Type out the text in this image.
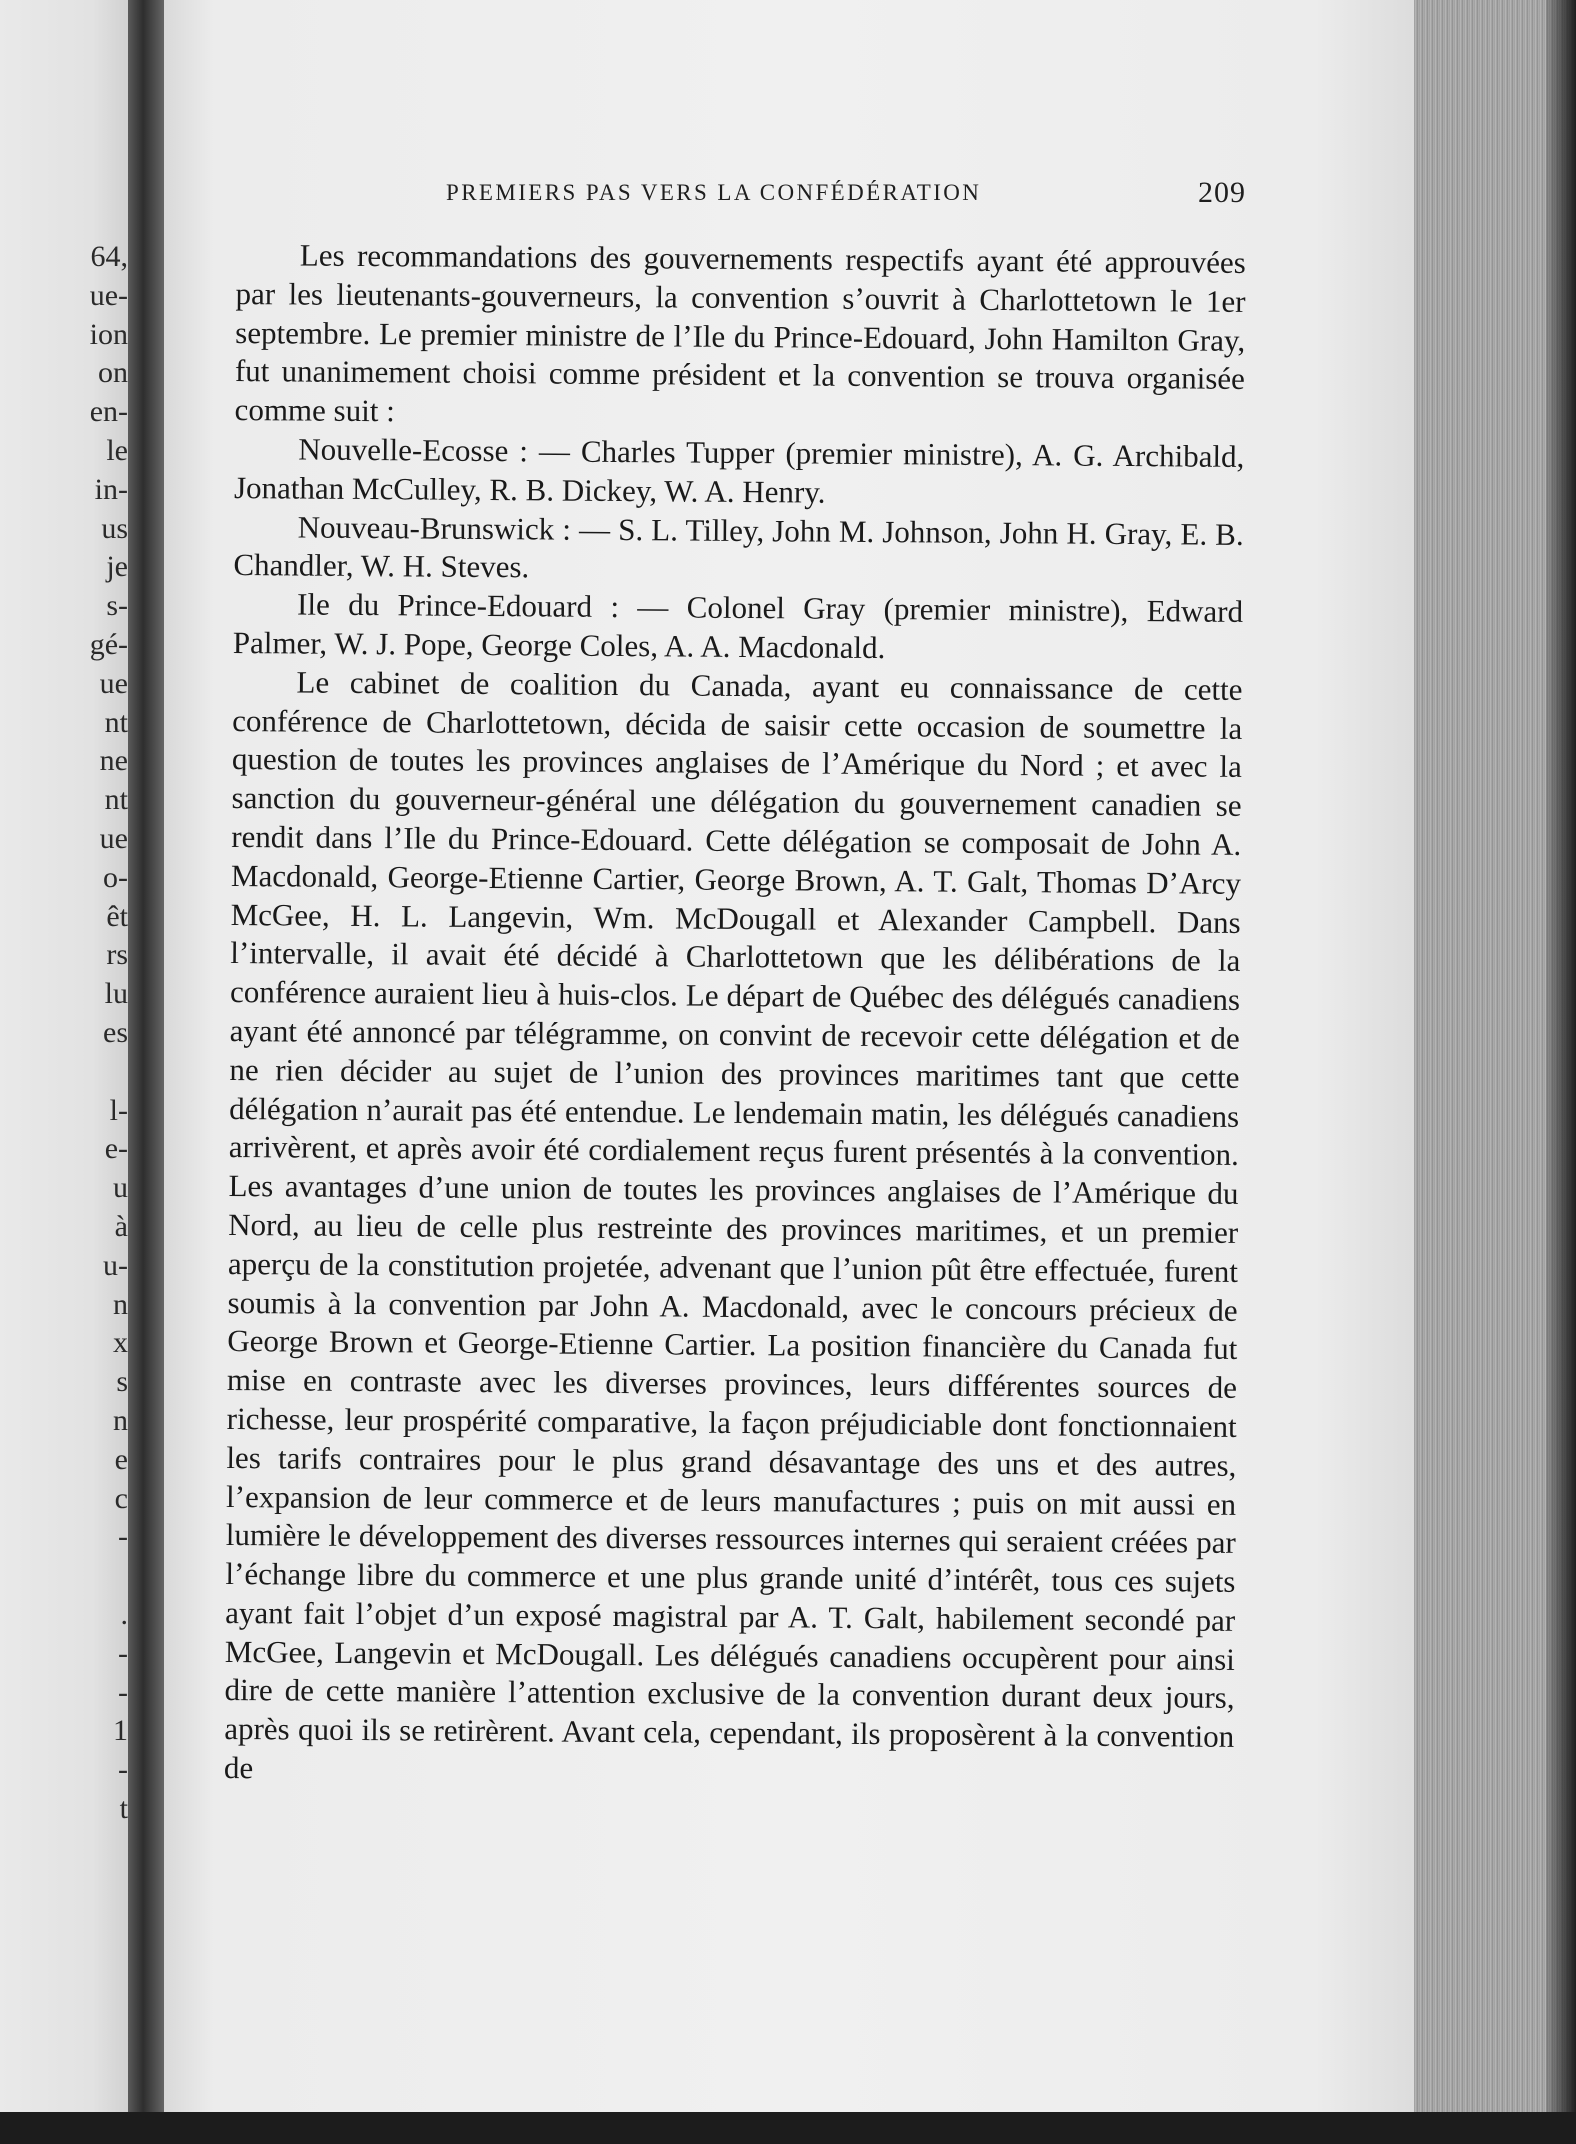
64,
ue-
ion
on
en-
le
in-
us
je
s-
gé-
ue
nt
ne
nt
ue
o-
êt
rs
lu
es
l-
e-
u
à
u-
n
x
s
n
e
c
-
.
-
-
1
-
t
PREMIERS PAS VERS LA CONFÉDÉRATION	209

Les recommandations des gouvernements respectifs ayant été approuvées par les lieutenants-gouverneurs, la convention s’ouvrit à Charlottetown le 1er septembre. Le premier ministre de l’Ile du Prince-Edouard, John Hamilton Gray, fut unanimement choisi comme président et la convention se trouva organisée comme suit :

Nouvelle-Ecosse : — Charles Tupper (premier ministre), A. G. Archibald, Jonathan McCulley, R. B. Dickey, W. A. Henry.

Nouveau-Brunswick : — S. L. Tilley, John M. Johnson, John H. Gray, E. B. Chandler, W. H. Steves.

Ile du Prince-Edouard : — Colonel Gray (premier ministre), Edward Palmer, W. J. Pope, George Coles, A. A. Macdonald.

Le cabinet de coalition du Canada, ayant eu connaissance de cette conférence de Charlottetown, décida de saisir cette occasion de soumettre la question de toutes les provinces anglaises de l’Amérique du Nord ; et avec la sanction du gouverneur-général une délégation du gouvernement canadien se rendit dans l’Ile du Prince-Edouard. Cette délégation se composait de John A. Macdonald, George-Etienne Cartier, George Brown, A. T. Galt, Thomas D’Arcy McGee, H. L. Langevin, Wm. McDougall et Alexander Campbell. Dans l’intervalle, il avait été décidé à Charlottetown que les délibérations de la conférence auraient lieu à huis-clos. Le départ de Québec des délégués canadiens ayant été annoncé par télégramme, on convint de recevoir cette délégation et de ne rien décider au sujet de l’union des provinces maritimes tant que cette délégation n’aurait pas été entendue. Le lendemain matin, les délégués canadiens arrivèrent, et après avoir été cordialement reçus furent présentés à la convention. Les avantages d’une union de toutes les provinces anglaises de l’Amérique du Nord, au lieu de celle plus restreinte des provinces maritimes, et un premier aperçu de la constitution projetée, advenant que l’union pût être effectuée, furent soumis à la convention par John A. Macdonald, avec le concours précieux de George Brown et George-Etienne Cartier. La position financière du Canada fut mise en contraste avec les diverses provinces, leurs différentes sources de richesse, leur prospérité comparative, la façon préjudiciable dont fonctionnaient les tarifs contraires pour le plus grand désavantage des uns et des autres, l’expansion de leur commerce et de leurs manufactures ; puis on mit aussi en lumière le développement des diverses ressources internes qui seraient créées par l’échange libre du commerce et une plus grande unité d’intérêt, tous ces sujets ayant fait l’objet d’un exposé magistral par A. T. Galt, habilement secondé par McGee, Langevin et McDougall. Les délégués canadiens occupèrent pour ainsi dire de cette manière l’attention exclusive de la convention durant deux jours, après quoi ils se retirèrent. Avant cela, cependant, ils proposèrent à la convention de
